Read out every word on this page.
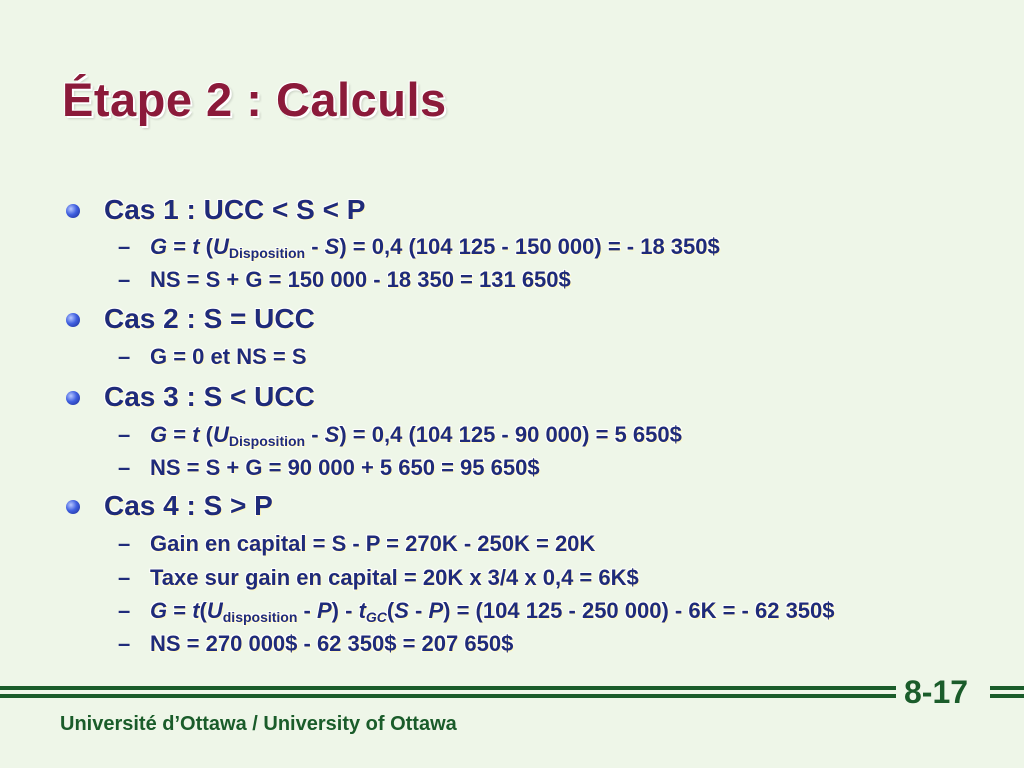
Étape 2 : Calculs
Cas 1 : UCC < S < P
– G = t $(U_{Disposition} - S) = 0,4$ (104 125 - 150 000) = - 18 350$
– NS = S + G = 150 000 - 18 350 = 131 650$
Cas 2 : S = UCC
– G = 0 et NS = S
Cas 3 : S < UCC
– G = t $(U_{Disposition} - S) = 0,4$ (104 125 - 90 000) = 5 650$
– NS = S + G = 90 000 + 5 650 = 95 650$
Cas 4 : S > P
– Gain en capital = S - P = 270K - 250K = 20K
– Taxe sur gain en capital = 20K x 3/4 x 0,4 = 6K$
– $G = t(U_{disposition} - P) - t_{GC}(S - P) = (104$ 125 - 250 000) - 6K = - 62 350$
– NS = 270 000$ - 62 350$ = 207 650$
8-17
Université d’Ottawa / University of Ottawa
